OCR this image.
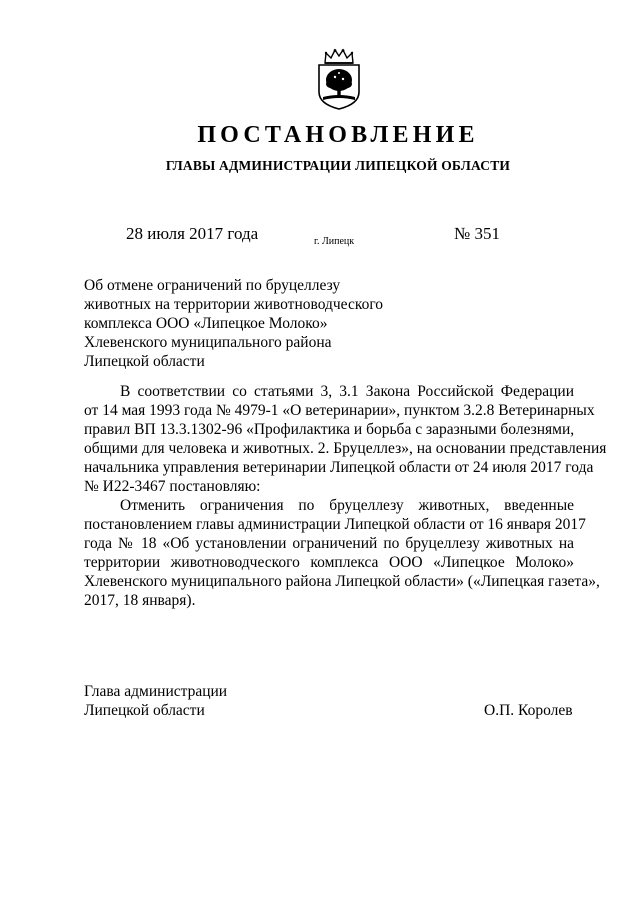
ПОСТАНОВЛЕНИЕ
ГЛАВЫ АДМИНИСТРАЦИИ ЛИПЕЦКОЙ ОБЛАСТИ
28 июля 2017 года	г. Липецк	№ 351
Об отмене ограничений по бруцеллезу
животных на территории животноводческого
комплекса ООО «Липецкое Молоко»
Хлевенского муниципального района
Липецкой области
В соответствии со статьями 3, 3.1 Закона Российской Федерации
от 14 мая 1993 года № 4979-1 «О ветеринарии», пунктом 3.2.8 Ветеринарных
правил ВП 13.3.1302-96 «Профилактика и борьба с заразными болезнями,
общими для человека и животных. 2. Бруцеллез», на основании представления
начальника управления ветеринарии Липецкой области от 24 июля 2017 года
№ И22-3467 постановляю:
Отменить ограничения по бруцеллезу животных, введенные
постановлением главы администрации Липецкой области от 16 января 2017
года № 18 «Об установлении ограничений по бруцеллезу животных на
территории животноводческого комплекса ООО «Липецкое Молоко»
Хлевенского муниципального района Липецкой области» («Липецкая газета»,
2017, 18 января).
Глава администрации
Липецкой области	О.П. Королев
